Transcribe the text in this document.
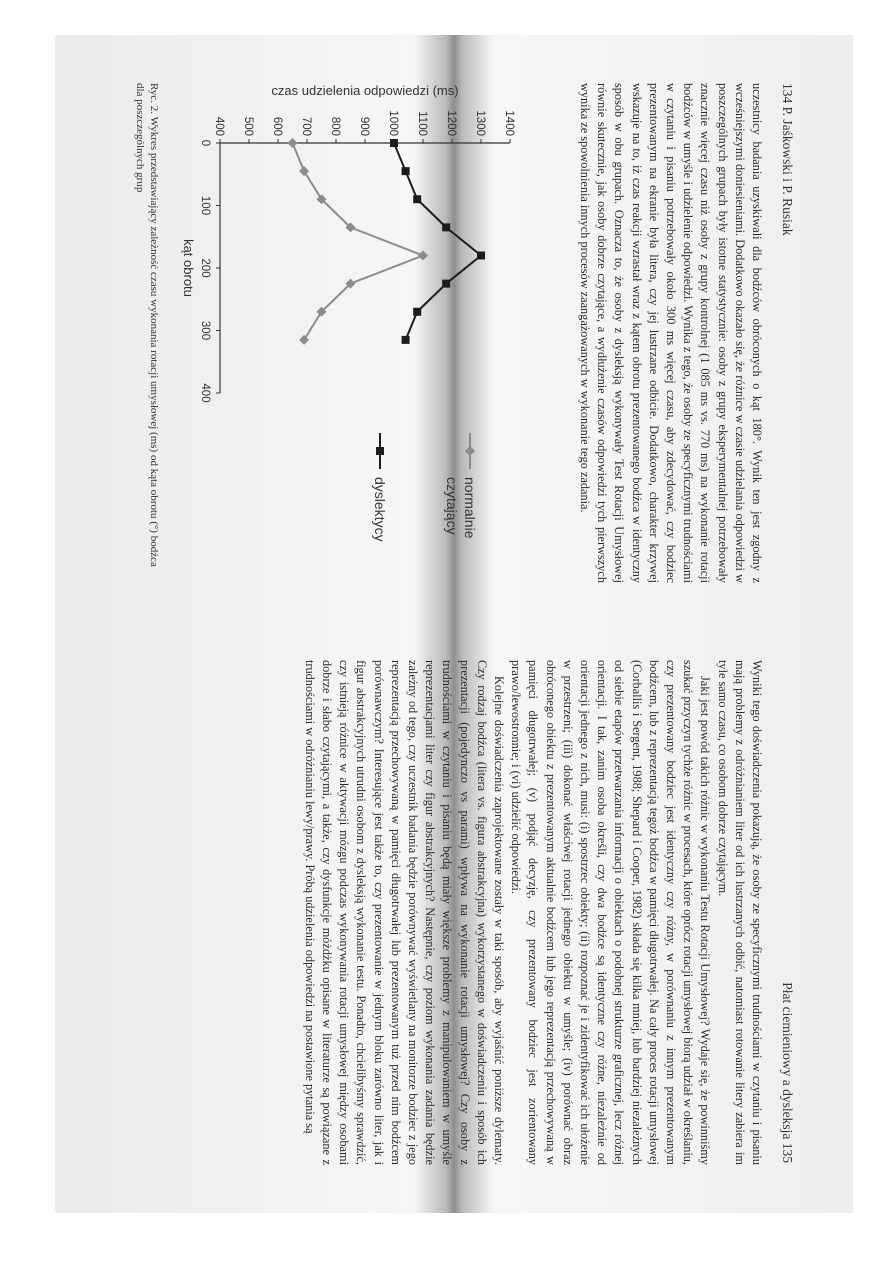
134 P. Jaśkowski i P. Rusiak

uczestnicy badania uzyskiwali dla bodźców obróconych o kąt 180°. Wynik ten jest zgodny z wcześniejszymi doniesieniami. Dodatkowo okazało się, że różnice w czasie udzielania odpowiedzi w poszczególnych grupach były istotne statystycznie: osoby z grupy eksperymentalnej potrzebowały znacznie więcej czasu niż osoby z grupy kontrolnej (1 085 ms vs. 770 ms) na wykonanie rotacji bodźców w umyśle i udzielenie odpowiedzi. Wynika z tego, że osoby ze specyficznymi trudnościami w czytaniu i pisaniu potrzebowały około 300 ms więcej czasu, aby zdecydować, czy bodziec prezentowanym na ekranie była litera, czy jej lustrzane odbicie. Dodatkowo, charakter krzywej wskazuje na to, iż czas reakcji wzrastał wraz z kątem obrotu prezentowanego bodźca w identyczny sposób w obu grupach. Oznacza to, że osoby z dysleksją wykonywały Test Rotacji Umysłowej równie skutecznie, jak osoby dobrze czytające, a wydłużenie czasów odpowiedzi tych pierwszych wynika ze spowolnienia innych procesów zaangażowanych w wykonanie tego zadania.

400 500 600 700 800 900 1000 1100 1200 1300 1400
0
100
200
300
400
czas udzielenia odpowiedzi (ms)
kąt obrotu
normalnieczytający
dyslektycy
Ryc. 2. Wykres przedstawiający zależność czasu wykonania rotacji umysłowej (ms) od kąta obrotu (°) bodźca dla poszczególnych grup
Płat ciemieniowy a dysleksja 135

Wyniki tego doświadczenia pokazują, że osoby ze specyficznymi trudnościami w czytaniu i pisaniu mają problemy z odróżnianiem liter od ich lustrzanych odbić, natomiast rotowanie litery zabiera im tyle samo czasu, co osobom dobrze czytającym.

Jaki jest powód takich różnic w wykonaniu Testu Rotacji Umysłowej? Wydaje się, że powinniśmy szukać przyczyn tychże różnic w procesach, które oprócz rotacji umysłowej biorą udział w określaniu, czy prezentowany bodziec jest identyczny czy różny, w porównaniu z innym prezentowanym bodźcem, lub z reprezentacją tegoż bodźca w pamięci długotrwałej. Na cały proces rotacji umysłowej (Corballis i Sergent, 1988; Shepard i Cooper, 1982) składa się kilka mniej, lub bardziej niezależnych od siebie etapów przetwarzania informacji o obiektach o podobnej strukturze graficznej, lecz różnej orientacji. I tak, zanim osoba określi, czy dwa bodźce są identyczne czy różne, niezależnie od orientacji jednego z nich, musi: (i) spostrzec obiekty; (ii) rozpoznać je i zidentyfikować ich ułożenie w przestrzeni; (iii) dokonać właściwej rotacji jednego obiektu w umyśle; (iv) porównać obraz obróconego obiektu z prezentowanym aktualnie bodźcem lub jego reprezentacją przechowywaną w pamięci długotrwałej; (v) podjąć decyzję, czy prezentowany bodziec jest zorientowany prawo/lewostronnie; i (vi) udzielić odpowiedzi.

Kolejne doświadczenia zaprojektowane zostały w taki sposób, aby wyjaśnić poniższe dylematy. Czy rodzaj bodźca (litera vs. figura abstrakcyjna) wykorzystanego w doświadczeniu i sposób ich prezentacji (pojedynczo vs parami) wpływa na wykonanie rotacji umysłowej? Czy osoby z trudnościami w czytaniu i pisaniu będą miały większe problemy z manipulowaniem w umyśle reprezentacjami liter czy figur abstrakcyjnych? Następnie, czy poziom wykonania zadania będzie zależny od tego, czy uczestnik badania będzie porównywać wyświetlany na monitorze bodziec z jego reprezentacją przechowywaną w pamięci długotrwałej lub prezentowanym tuż przed nim bodźcem porównawczym? Interesujące jest także to, czy prezentowanie w jednym bloku zarówno liter, jak i figur abstrakcyjnych utrudni osobom z dysleksją wykonanie testu. Ponadto, chcielibyśmy sprawdzić, czy istnieją różnice w aktywacji mózgu podczas wykonywania rotacji umysłowej między osobami dobrze i słabo czytającymi, a także, czy dysfunkcje móżdżku opisane w literaturze są powiązane z trudnościami w odróżnianiu lewy/prawy. Próbą udzielenia odpowiedzi na postawione pytania są
